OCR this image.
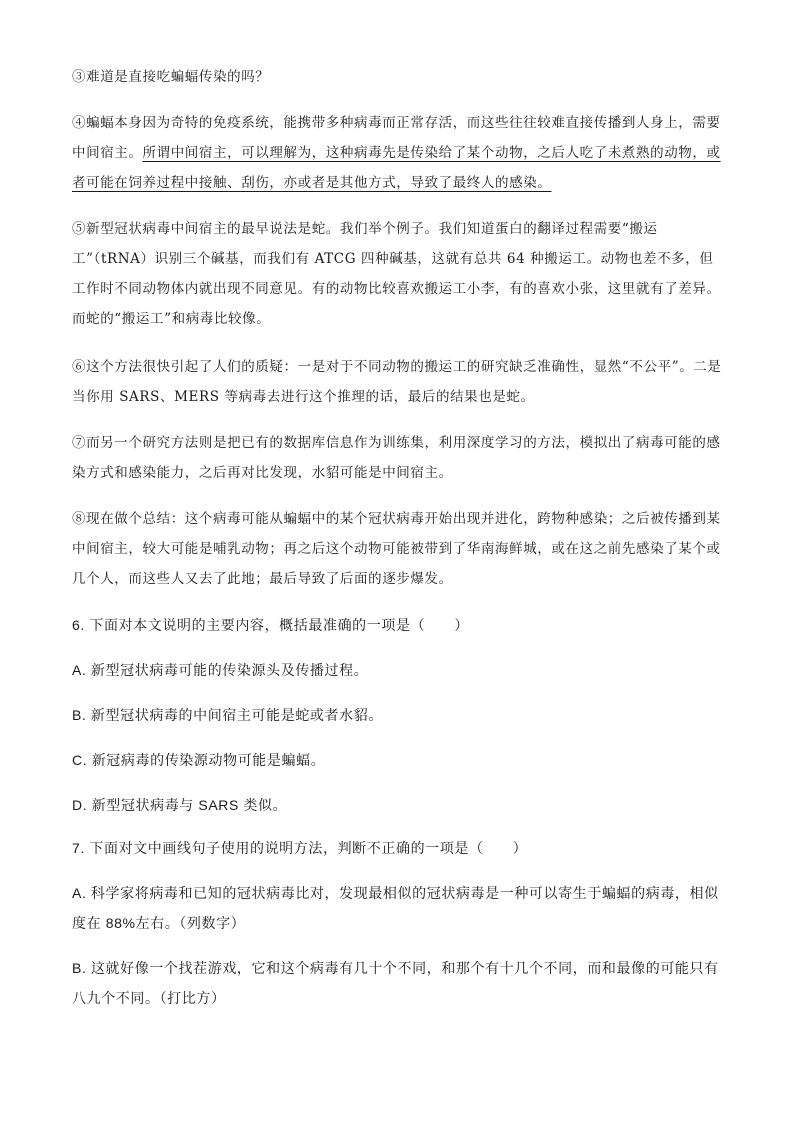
③难道是直接吃蝙蝠传染的吗？

④蝙蝠本身因为奇特的免疫系统，能携带多种病毒而正常存活，而这些往往较难直接传播到人身上，需要中间宿主。所谓中间宿主，可以理解为，这种病毒先是传染给了某个动物，之后人吃了未煮熟的动物，或者可能在饲养过程中接触、刮伤，亦或者是其他方式，导致了最终人的感染。

⑤新型冠状病毒中间宿主的最早说法是蛇。我们举个例子。我们知道蛋白的翻译过程需要“搬运工”（tRNA）识别三个碱基，而我们有 ATCG 四种碱基，这就有总共 64 种搬运工。动物也差不多，但工作时不同动物体内就出现不同意见。有的动物比较喜欢搬运工小李，有的喜欢小张，这里就有了差异。而蛇的“搬运工”和病毒比较像。

⑥这个方法很快引起了人们的质疑：一是对于不同动物的搬运工的研究缺乏准确性，显然“不公平”。二是当你用 SARS、MERS 等病毒去进行这个推理的话，最后的结果也是蛇。

⑦而另一个研究方法则是把已有的数据库信息作为训练集，利用深度学习的方法，模拟出了病毒可能的感染方式和感染能力，之后再对比发现，水貂可能是中间宿主。

⑧现在做个总结：这个病毒可能从蝙蝠中的某个冠状病毒开始出现并进化，跨物种感染；之后被传播到某中间宿主，较大可能是哺乳动物；再之后这个动物可能被带到了华南海鲜城，或在这之前先感染了某个或几个人，而这些人又去了此地；最后导致了后面的逐步爆发。

6. 下面对本文说明的主要内容，概括最准确的一项是（　　）

A. 新型冠状病毒可能的传染源头及传播过程。

B. 新型冠状病毒的中间宿主可能是蛇或者水貂。

C. 新冠病毒的传染源动物可能是蝙蝠。

D. 新型冠状病毒与 SARS 类似。

7. 下面对文中画线句子使用的说明方法，判断不正确的一项是（　　）

A. 科学家将病毒和已知的冠状病毒比对，发现最相似的冠状病毒是一种可以寄生于蝙蝠的病毒，相似度在 88%左右。（列数字）

B. 这就好像一个找茬游戏，它和这个病毒有几十个不同，和那个有十几个不同，而和最像的可能只有八九个不同。（打比方）
